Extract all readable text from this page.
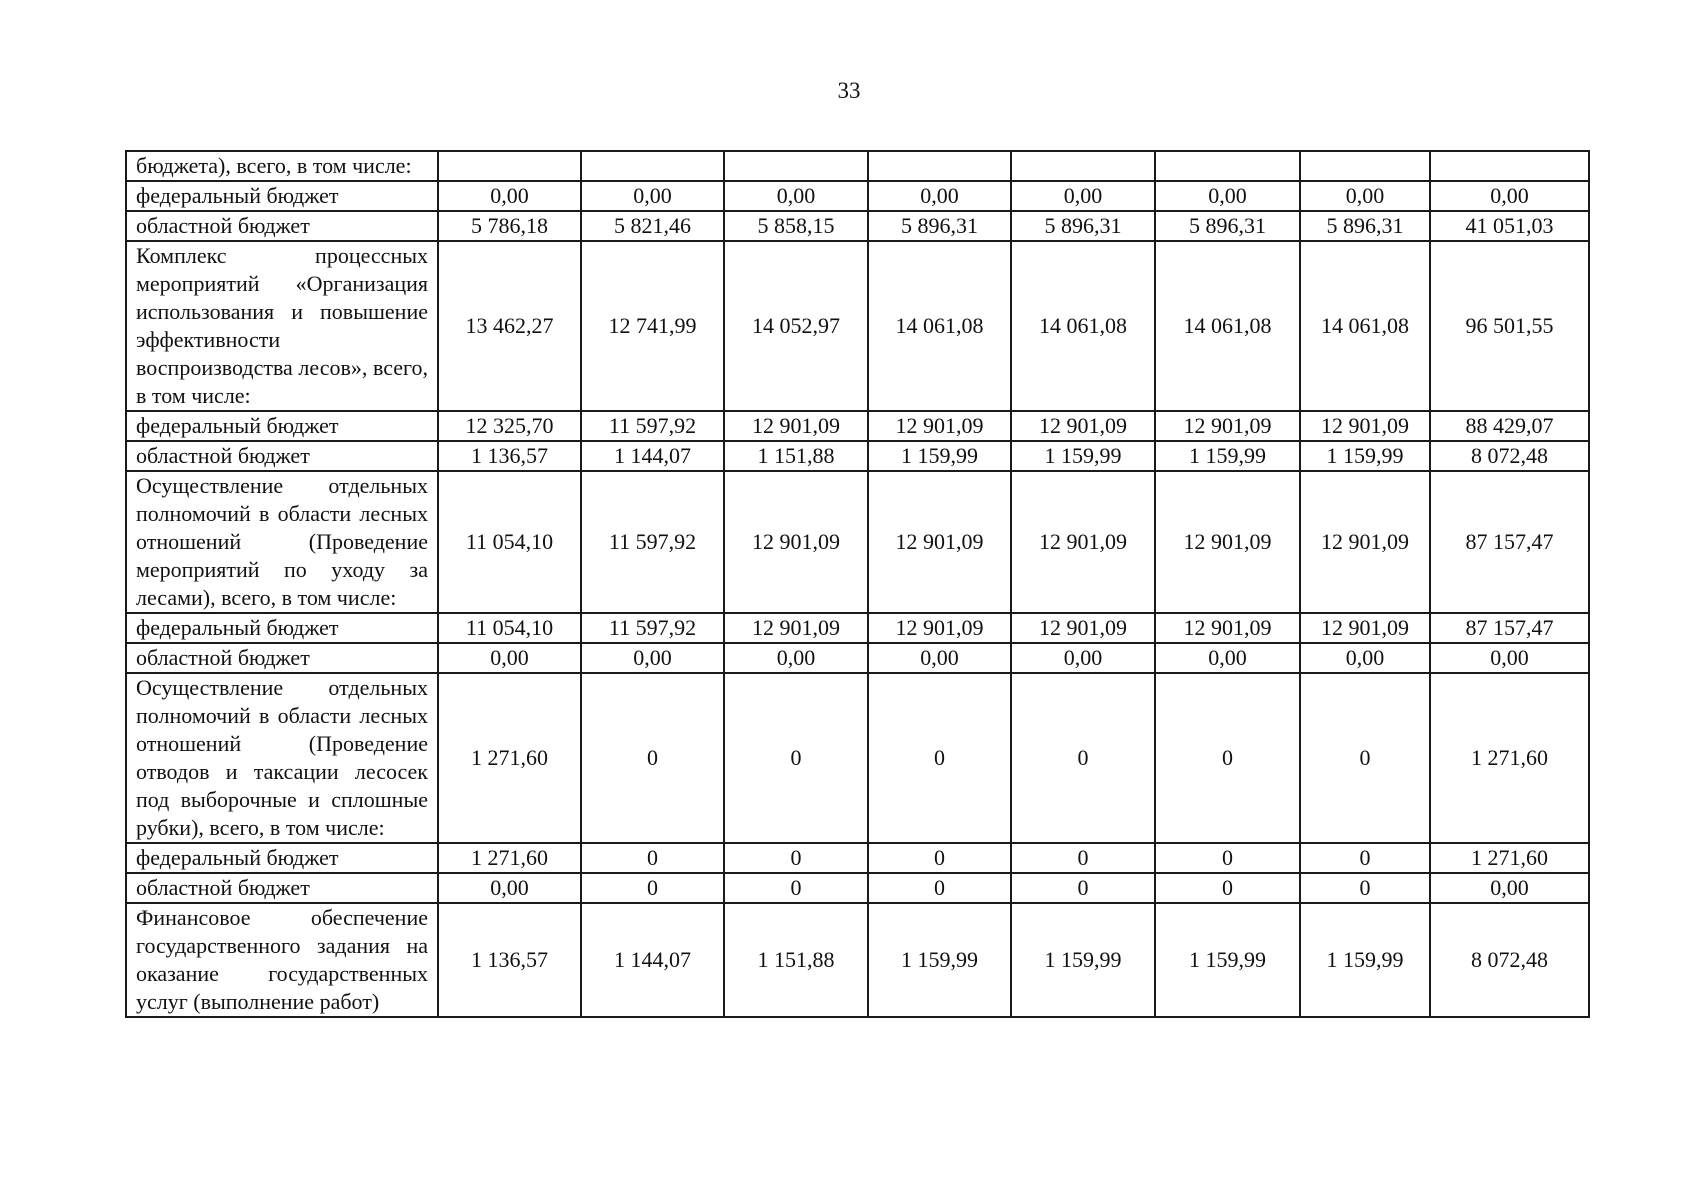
33
бюджета), всего, в том числе:								
федеральный бюджет	0,00	0,00	0,00	0,00	0,00	0,00	0,00	0,00
областной бюджет	5 786,18	5 821,46	5 858,15	5 896,31	5 896,31	5 896,31	5 896,31	41 051,03
Комплекс процессных мероприятий «Организация использования и повышение эффективности воспроизводства лесов», всего, в том числе:	13 462,27	12 741,99	14 052,97	14 061,08	14 061,08	14 061,08	14 061,08	96 501,55
федеральный бюджет	12 325,70	11 597,92	12 901,09	12 901,09	12 901,09	12 901,09	12 901,09	88 429,07
областной бюджет	1 136,57	1 144,07	1 151,88	1 159,99	1 159,99	1 159,99	1 159,99	8 072,48
Осуществление отдельных полномочий в области лесных отношений (Проведение мероприятий по уходу за лесами), всего, в том числе:	11 054,10	11 597,92	12 901,09	12 901,09	12 901,09	12 901,09	12 901,09	87 157,47
федеральный бюджет	11 054,10	11 597,92	12 901,09	12 901,09	12 901,09	12 901,09	12 901,09	87 157,47
областной бюджет	0,00	0,00	0,00	0,00	0,00	0,00	0,00	0,00
Осуществление отдельных полномочий в области лесных отношений (Проведение отводов и таксации лесосек под выборочные и сплошные рубки), всего, в том числе:	1 271,60	0	0	0	0	0	0	1 271,60
федеральный бюджет	1 271,60	0	0	0	0	0	0	1 271,60
областной бюджет	0,00	0	0	0	0	0	0	0,00
Финансовое обеспечение государственного задания на оказание государственных услуг (выполнение работ)	1 136,57	1 144,07	1 151,88	1 159,99	1 159,99	1 159,99	1 159,99	8 072,48
